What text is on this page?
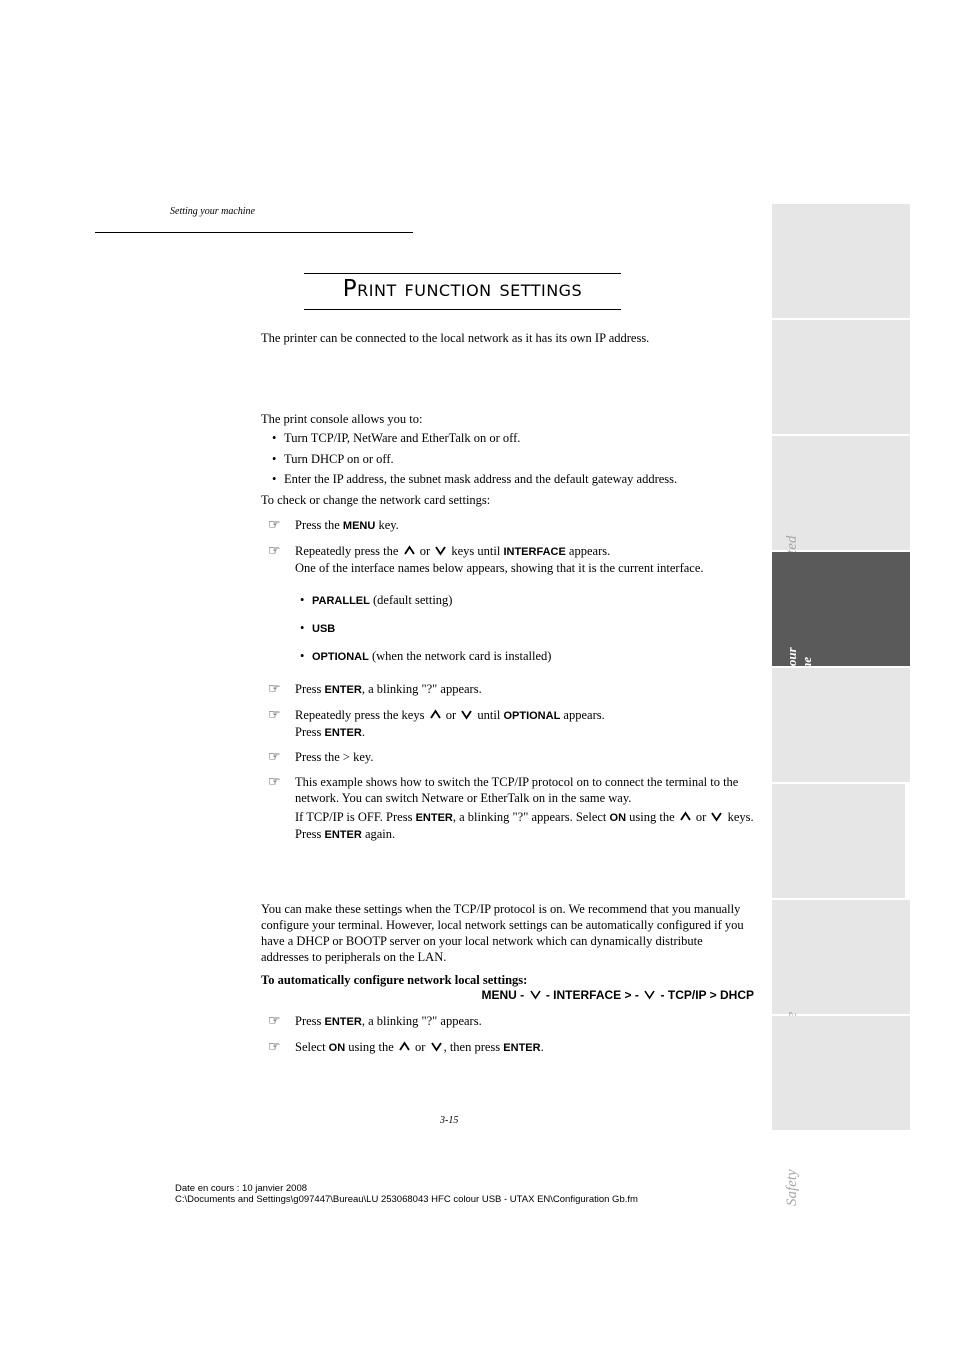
Setting your machine
Print function settings
The printer can be connected to the local network as it has its own IP address.
The print console allows you to:
• Turn TCP/IP, NetWare and EtherTalk on or off.
• Turn DHCP on or off.
• Enter the IP address, the subnet mask address and the default gateway address.
To check or change the network card settings:
☞	Press the MENU key.
☞	Repeatedly press the
or
keys until INTERFACE appears.
One of the interface names below appears, showing that it is the current interface.
• PARALLEL (default setting)
• USB
• OPTIONAL (when the network card is installed)
☞	Press ENTER, a blinking "?" appears.
☞	Repeatedly press the keys
or
until OPTIONAL appears.
Press ENTER.
☞	Press the > key.
☞	This example shows how to switch the TCP/IP protocol on to connect the terminal to the
network. You can switch Netware or EtherTalk on in the same way.
If TCP/IP is OFF. Press ENTER, a blinking "?" appears. Select ON using the
or
keys.
Press ENTER again.
You can make these settings when the TCP/IP protocol is on. We recommend that you manually
configure your terminal. However, local network settings can be automatically configured if you
have a DHCP or BOOTP server on your local network which can dynamically distribute
addresses to peripherals on the LAN.
To automatically configure network local settings:
MENU -
- INTERFACE > -
- TCP/IP > DHCP
☞	Press ENTER, a blinking "?" appears.
☞	Select ON using the
or
, then press ENTER.
Safety
3-15
Date en cours : 10 janvier 2008
C:\Documents and Settings\g097447\Bureau\LU 253068043 HFC colour USB - UTAX EN\Configuration Gb.fm
